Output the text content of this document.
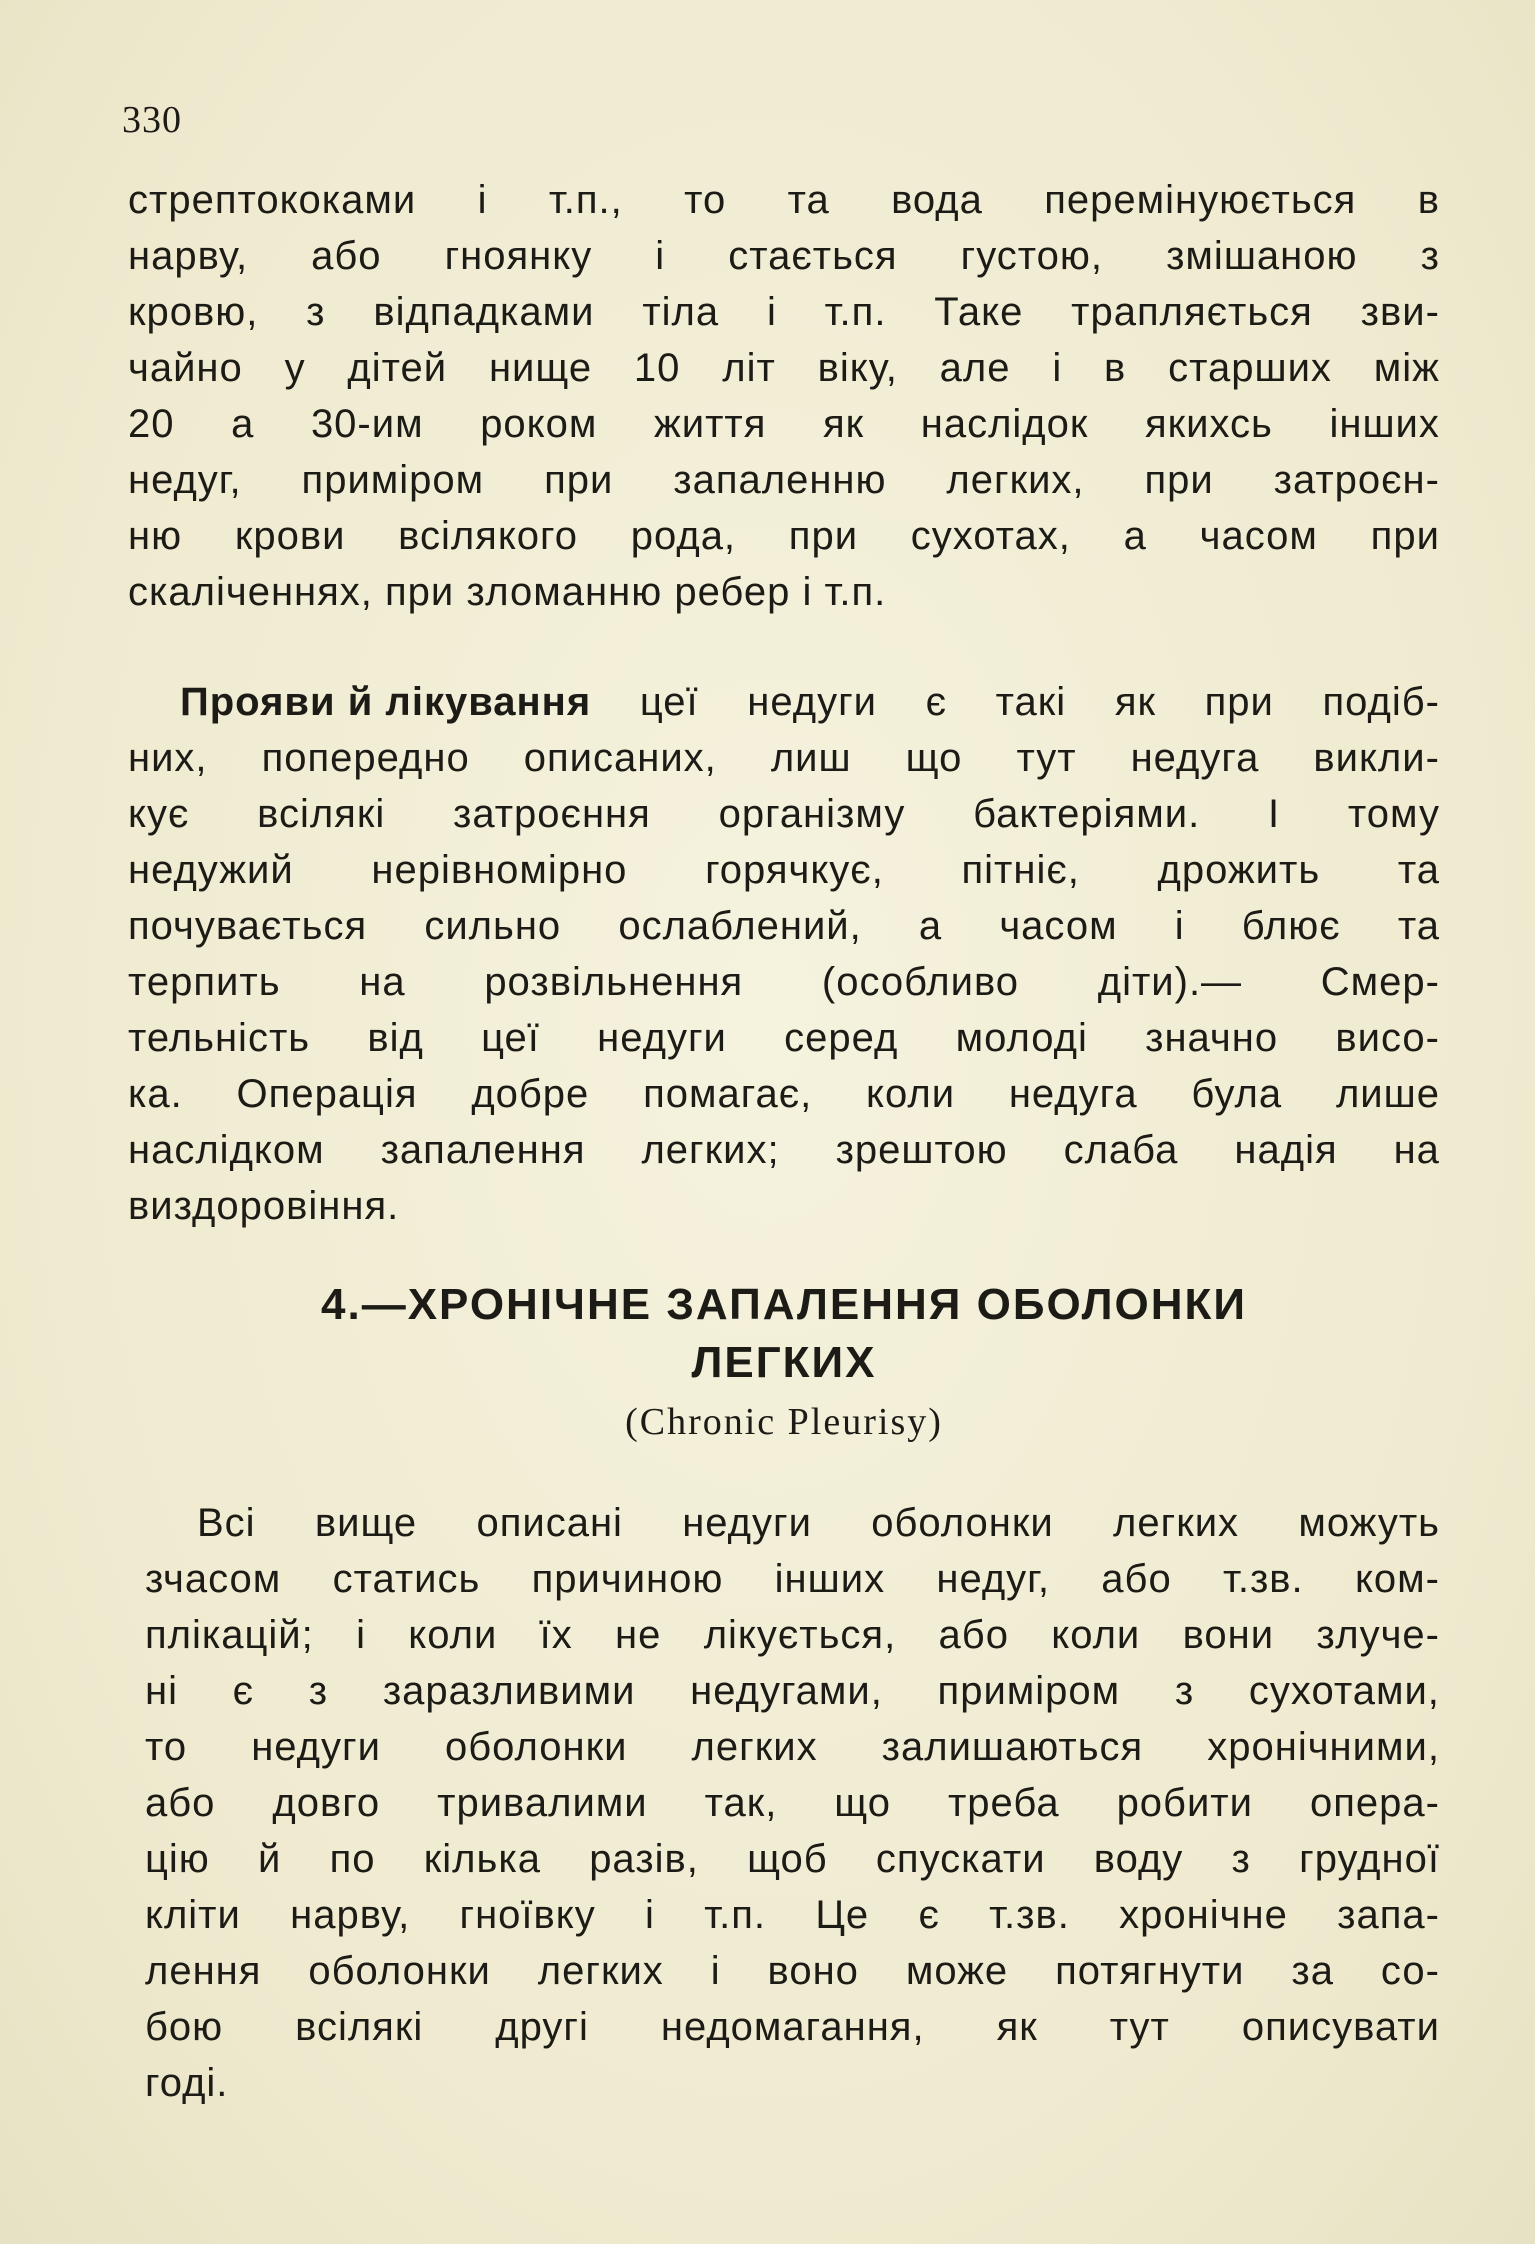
330
стрептококами і т.п., то та вода перемінуюється в
нарву, або гноянку і стається густою, змішаною з
кровю, з відпадками тіла і т.п. Таке трапляється зви-
чайно у дітей нище 10 літ віку, але і в старших між
20 а 30-им роком життя як наслідок якихсь інших
недуг, приміром при запаленню легких, при затроєн-
ню крови всілякого рода, при сухотах, а часом при
скаліченнях, при зломанню ребер і т.п.
Прояви й лікування цеї недуги є такі як при подіб-
них, попередно описаних, лиш що тут недуга викли-
кує всілякі затроєння організму бактеріями. І тому
недужий нерівномірно горячкує, пітніє, дрожить та
почувається сильно ослаблений, а часом і блює та
терпить на розвільнення (особливо діти).— Смер-
тельність від цеї недуги серед молоді значно висо-
ка. Операція добре помагає, коли недуга була лише
наслідком запалення легких; зрештою слаба надія на
виздоровіння.
4.—ХРОНІЧНЕ ЗАПАЛЕННЯ ОБОЛОНКИ
ЛЕГКИХ
(Chronic Pleurisy)
Всі вище описані недуги оболонки легких можуть
зчасом статись причиною інших недуг, або т.зв. ком-
плікацій; і коли їх не лікується, або коли вони злуче-
ні є з заразливими недугами, приміром з сухотами,
то недуги оболонки легких залишаються хронічними,
або довго тривалими так, що треба робити опера-
цію й по кілька разів, щоб спускати воду з грудної
кліти нарву, гноївку і т.п. Це є т.зв. хронічне запа-
лення оболонки легких і воно може потягнути за со-
бою всілякі другі недомагання, як тут описувати
годі.
